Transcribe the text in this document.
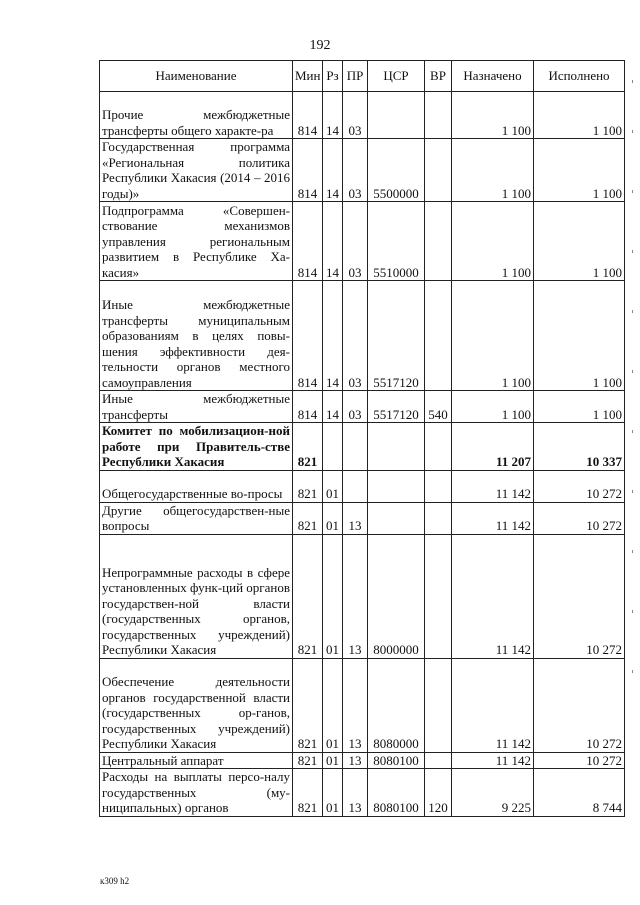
192
Наименование	Мин	Рз	ПР	ЦСР	ВР	Назначено	Исполнено
Прочие межбюджетные трансферты общего характе-ра	814	14	03			1 100	1 100
Государственная программа «Региональная политика Республики Хакасия (2014 – 2016 годы)»	814	14	03	5500000		1 100	1 100
Подпрограмма «Совершен-ствование механизмов управления региональным развитием в Республике Ха-касия»	814	14	03	5510000		1 100	1 100
Иные межбюджетные трансферты муниципальным образованиям в целях повы-шения эффективности дея-тельности органов местного самоуправления	814	14	03	5517120		1 100	1 100
Иные межбюджетные трансферты	814	14	03	5517120	540	1 100	1 100
Комитет по мобилизацион-ной работе при Правитель-стве Республики Хакасия	821					11 207	10 337
Общегосударственные во-просы	821	01				11 142	10 272
Другие общегосударствен-ные вопросы	821	01	13			11 142	10 272
Непрограммные расходы в сфере установленных функ-ций органов государствен-ной власти (государственных органов, государственных учреждений) Республики Хакасия	821	01	13	8000000		11 142	10 272
Обеспечение деятельности органов государственной власти (государственных ор-ганов, государственных учреждений) Республики Хакасия	821	01	13	8080000		11 142	10 272
Центральный аппарат	821	01	13	8080100		11 142	10 272
Расходы на выплаты персо-налу государственных (му-ниципальных) органов	821	01	13	8080100	120	9 225	8 744
к309 h2
